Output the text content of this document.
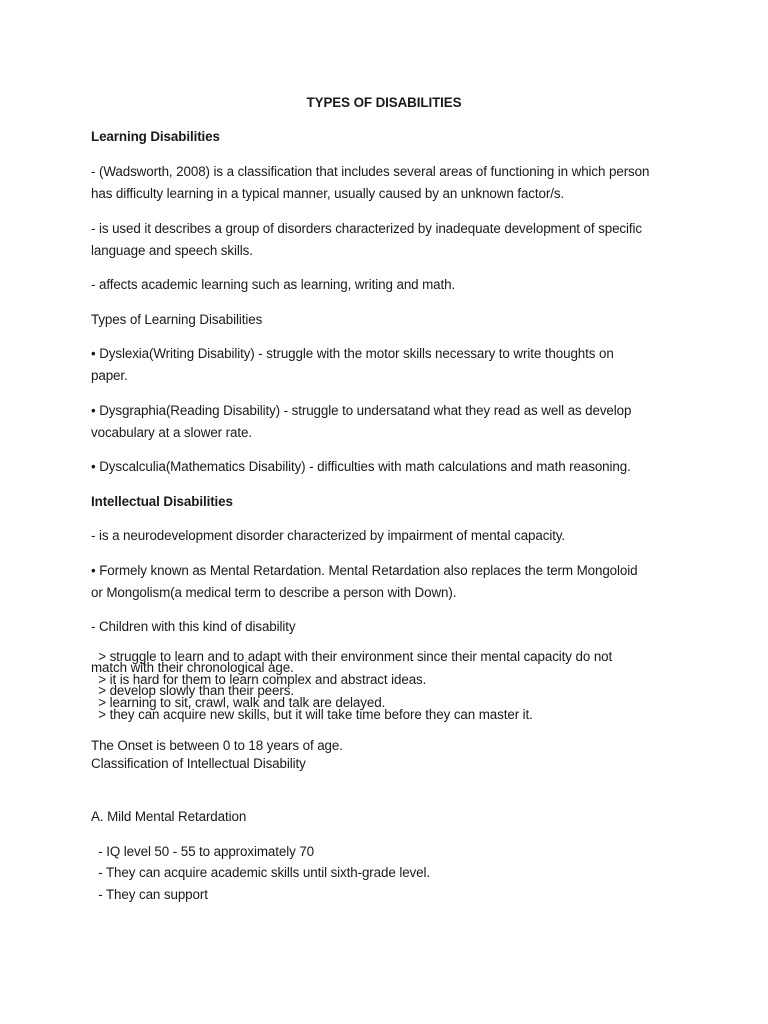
TYPES OF DISABILITIES
Learning Disabilities
- (Wadsworth, 2008) is a classification that includes several areas of functioning in which person
has difficulty learning in a typical manner, usually caused by an unknown factor/s.
- is used it describes a group of disorders characterized by inadequate development of specific
language and speech skills.
- affects academic learning such as learning, writing and math.
Types of Learning Disabilities
• Dyslexia(Writing Disability) - struggle with the motor skills necessary to write thoughts on
paper.
• Dysgraphia(Reading Disability) - struggle to undersatand what they read as well as develop
vocabulary at a slower rate.
• Dyscalculia(Mathematics Disability) - difficulties with math calculations and math reasoning.
Intellectual Disabilities
- is a neurodevelopment disorder characterized by impairment of mental capacity.
• Formely known as Mental Retardation. Mental Retardation also replaces the term Mongoloid
or Mongolism(a medical term to describe a person with Down).
- Children with this kind of disability
> struggle to learn and to adapt with their environment since their mental capacity do not
match with their chronological age.
> it is hard for them to learn complex and abstract ideas.
> develop slowly than their peers.
> learning to sit, crawl, walk and talk are delayed.
> they can acquire new skills, but it will take time before they can master it.
The Onset is between 0 to 18 years of age.
Classification of Intellectual Disability
A. Mild Mental Retardation
- IQ level 50 - 55 to approximately 70
- They can acquire academic skills until sixth-grade level.
- They can support
